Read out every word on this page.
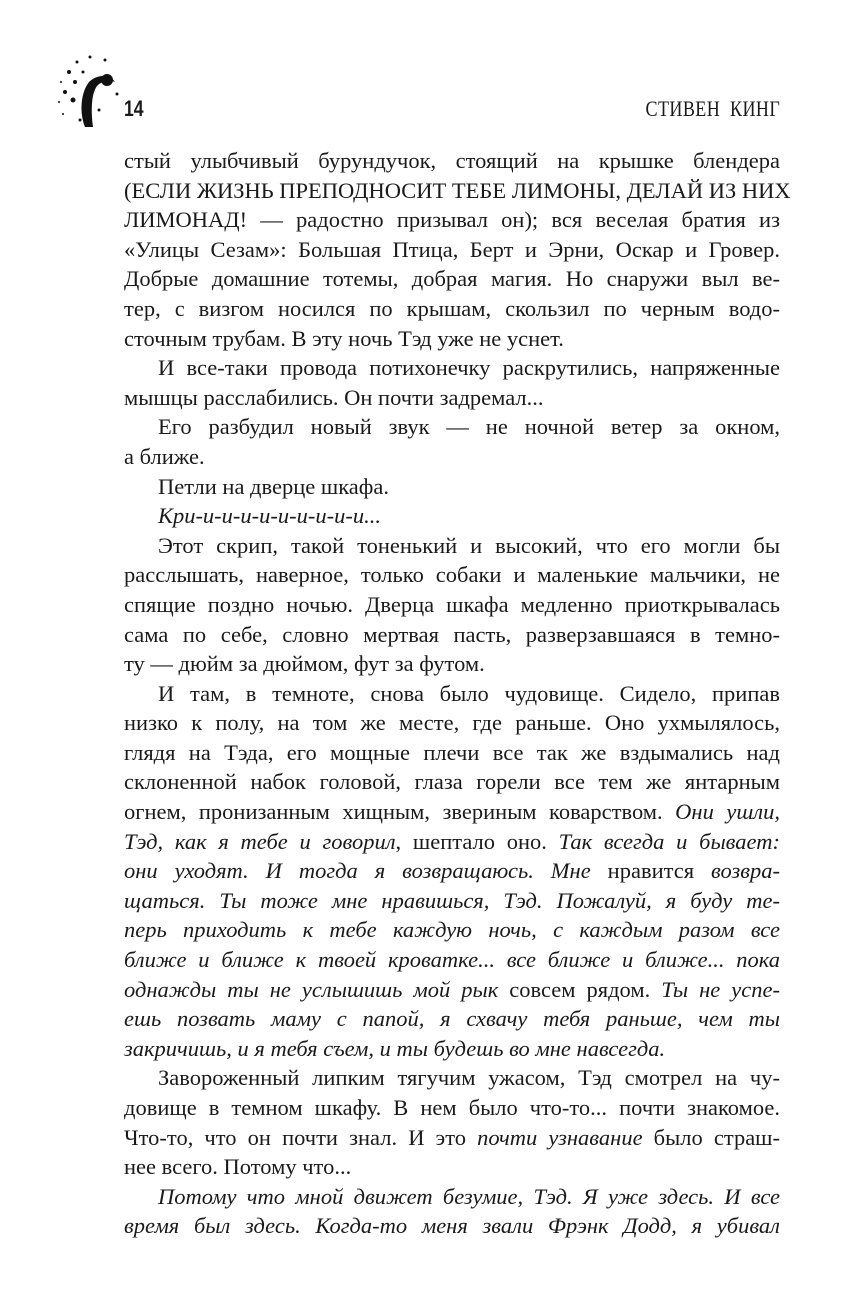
14	СТИВЕН КИНГ
стый улыбчивый бурундучок, стоящий на крышке блендера
(ЕСЛИ ЖИЗНЬ ПРЕПОДНОСИТ ТЕБЕ ЛИМОНЫ, ДЕЛАЙ ИЗ НИХ
ЛИМОНАД! — радостно призывал он); вся веселая братия из
«Улицы Сезам»: Большая Птица, Берт и Эрни, Оскар и Гровер.
Добрые домашние тотемы, добрая магия. Но снаружи выл ве-
тер, с визгом носился по крышам, скользил по черным водо-
сточным трубам. В эту ночь Тэд уже не уснет.
И все-таки провода потихонечку раскрутились, напряженные
мышцы расслабились. Он почти задремал...
Его разбудил новый звук — не ночной ветер за окном,
а ближе.
Петли на дверце шкафа.
Кри-и-и-и-и-и-и-и-и-и...
Этот скрип, такой тоненький и высокий, что его могли бы
расслышать, наверное, только собаки и маленькие мальчики, не
спящие поздно ночью. Дверца шкафа медленно приоткрывалась
сама по себе, словно мертвая пасть, разверзавшаяся в темно-
ту — дюйм за дюймом, фут за футом.
И там, в темноте, снова было чудовище. Сидело, припав
низко к полу, на том же месте, где раньше. Оно ухмылялось,
глядя на Тэда, его мощные плечи все так же вздымались над
склоненной набок головой, глаза горели все тем же янтарным
огнем, пронизанным хищным, звериным коварством. Они ушли,
Тэд, как я тебе и говорил, шептало оно. Так всегда и бывает:
они уходят. И тогда я возвращаюсь. Мне нравится возвра-
щаться. Ты тоже мне нравишься, Тэд. Пожалуй, я буду те-
перь приходить к тебе каждую ночь, с каждым разом все
ближе и ближе к твоей кроватке... все ближе и ближе... пока
однажды ты не услышишь мой рык совсем рядом. Ты не успе-
ешь позвать маму с папой, я схвачу тебя раньше, чем ты
закричишь, и я тебя съем, и ты будешь во мне навсегда.
Завороженный липким тягучим ужасом, Тэд смотрел на чу-
довище в темном шкафу. В нем было что-то... почти знакомое.
Что-то, что он почти знал. И это почти узнавание было страш-
нее всего. Потому что...
Потому что мной движет безумие, Тэд. Я уже здесь. И все
время был здесь. Когда-то меня звали Фрэнк Додд, я убивал
